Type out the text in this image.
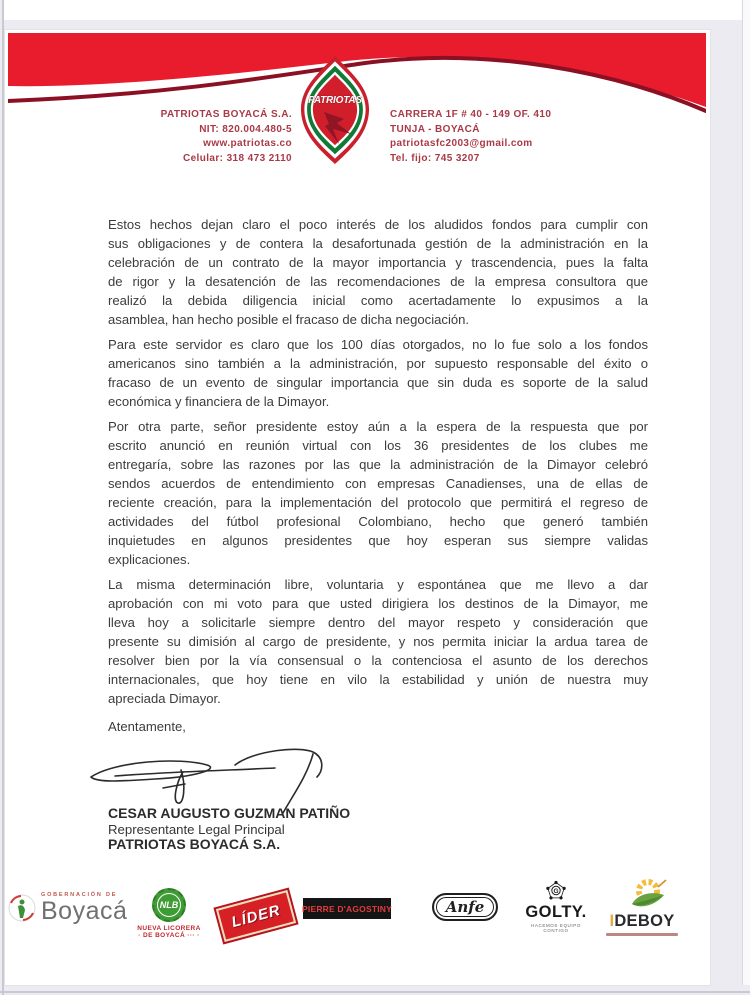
PATRIOTAS
PATRIOTAS BOYACÁ S.A.
NIT: 820.004.480-5
www.patriotas.co
Celular: 318 473 2110
CARRERA 1F # 40 - 149 OF. 410
TUNJA - BOYACÁ
patriotasfc2003@gmail.com
Tel. fijo: 745 3207
Estos hechos dejan claro el poco interés de los aludidos fondos para cumplir con
sus obligaciones y de contera la desafortunada gestión de la administración en la
celebración de un contrato de la mayor importancia y trascendencia, pues la falta
de rigor y la desatención de las recomendaciones de la empresa consultora que
realizó la debida diligencia inicial como acertadamente lo expusimos a la
asamblea, han hecho posible el fracaso de dicha negociación.
Para este servidor es claro que los 100 días otorgados, no lo fue solo a los fondos
americanos sino también a la administración, por supuesto responsable del éxito o
fracaso de un evento de singular importancia que sin duda es soporte de la salud
económica y financiera de la Dimayor.
Por otra parte, señor presidente estoy aún a la espera de la respuesta que por
escrito anunció en reunión virtual con los 36 presidentes de los clubes me
entregaría, sobre las razones por las que la administración de la Dimayor celebró
sendos acuerdos de entendimiento con empresas Canadienses, una de ellas de
reciente creación, para la implementación del protocolo que permitirá el regreso de
actividades del fútbol profesional Colombiano, hecho que generó también
inquietudes en algunos presidentes que hoy esperan sus siempre validas
explicaciones.
La misma determinación libre, voluntaria y espontánea que me llevo a dar
aprobación con mi voto para que usted dirigiera los destinos de la Dimayor, me
lleva hoy a solicitarle siempre dentro del mayor respeto y consideración que
presente su dimisión al cargo de presidente, y nos permita iniciar la ardua tarea de
resolver bien por la vía consensual o la contenciosa el asunto de los derechos
internacionales, que hoy tiene en vilo la estabilidad y unión de nuestra muy
apreciada Dimayor.
Atentamente,
CESAR AUGUSTO GUZMAN PATIÑO
Representante Legal Principal
PATRIOTAS BOYACÁ S.A.
GOBERNACIÓN DE
Boyacá	NLB
NUEVA LICORERA
· DE BOYACÁ ··· ·
LÍDER PIERRE D'AGOSTINY	Anfe
G
GOLTY.
HACEMOS EQUIPO CONTIGO
IDEBOY
